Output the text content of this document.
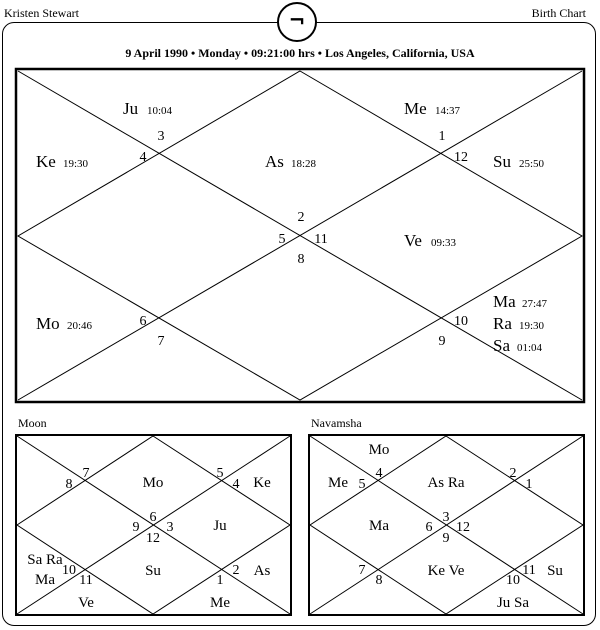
Kristen Stewart	Birth Chart
¬
9 April 1990 • Monday • 09:21:00 hrs • Los Angeles, California, USA
3
4
1
12
2
5 11
8
6
7
10
9
Ju 10:04	Me 14:37
Ke 19:30	As 18:28	Su 25:50
Ve 09:33
Mo 20:46
Ma 27:47
Ra 19:30
Sa 01:04
Moon	Navamsha
7
8
5
4
6
9 3
12
10
11
2
1
Mo	Ke
Ju
Su	As
Sa Ra
Ma
Ve	Me
4
5
2
1
3
6 12
9
7
8	10
11
Mo
Me	As Ra
Ma
Ke Ve	Su
Ju Sa
